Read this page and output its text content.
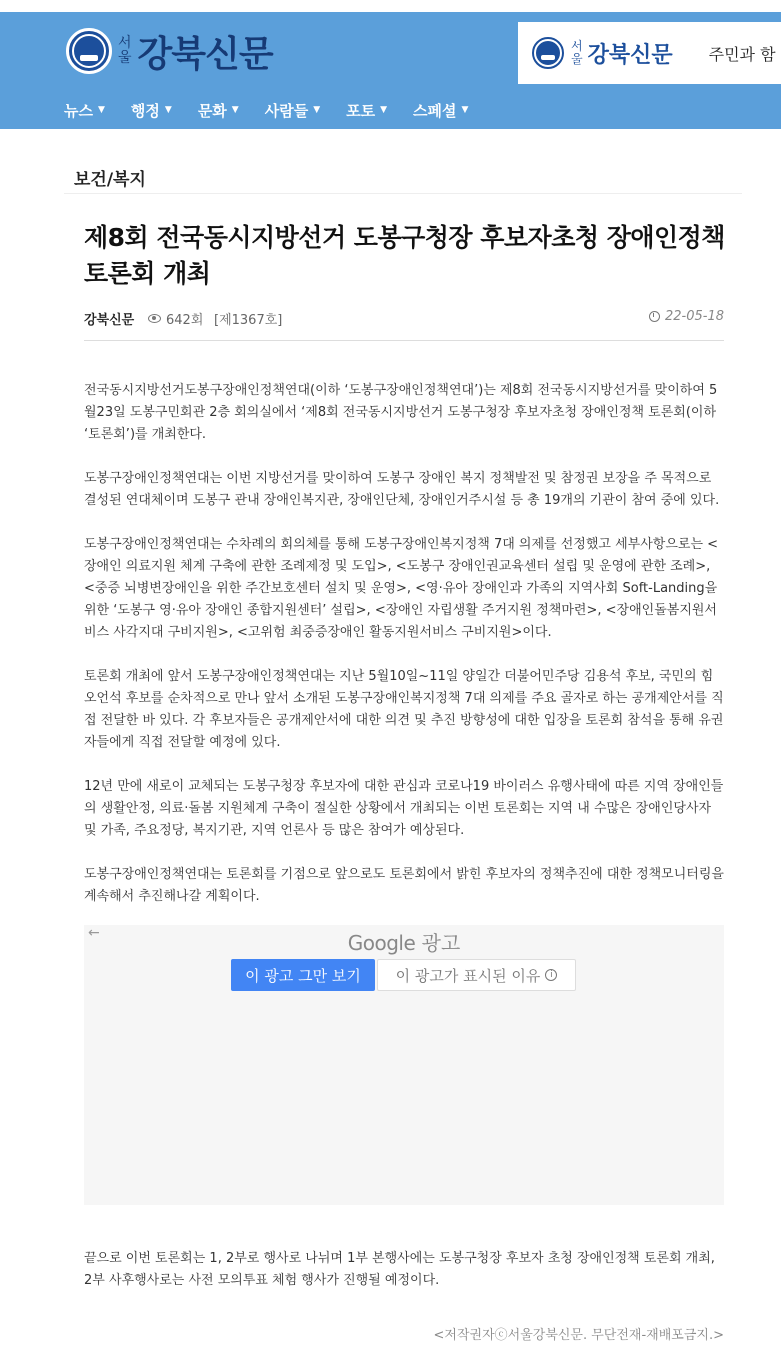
서
울 강북신문	서
울 강북신문 주민과 함
뉴스 ▼ 행정 ▼ 문화 ▼ 사람들 ▼ 포토 ▼ 스페셜 ▼
보건/복지
제8회 전국동시지방선거 도봉구청장 후보자초청 장애인정책 토론회 개최
강북신문 642회 [제1367호]	22-05-18

전국동시지방선거도봉구장애인정책연대(이하 ‘도봉구장애인정책연대’)는 제8회 전국동시지방선거를 맞이하여 5월23일 도봉구민회관 2층 회의실에서 ‘제8회 전국동시지방선거 도봉구청장 후보자초청 장애인정책 토론회(이하 ‘토론회’)를 개최한다.

도봉구장애인정책연대는 이번 지방선거를 맞이하여 도봉구 장애인 복지 정책발전 및 참정권 보장을 주 목적으로 결성된 연대체이며 도봉구 관내 장애인복지관, 장애인단체, 장애인거주시설 등 총 19개의 기관이 참여 중에 있다.

도봉구장애인정책연대는 수차례의 회의체를 통해 도봉구장애인복지정책 7대 의제를 선정했고 세부사항으로는 <장애인 의료지원 체계 구축에 관한 조례제정 및 도입>, <도봉구 장애인권교육센터 설립 및 운영에 관한 조례>, <중증 뇌병변장애인을 위한 주간보호센터 설치 및 운영>, <영·유아 장애인과 가족의 지역사회 Soft-Landing을 위한 ‘도봉구 영·유아 장애인 종합지원센터’ 설립>, <장애인 자립생활 주거지원 정책마련>, <장애인돌봄지원서비스 사각지대 구비지원>, <고위험 최중증장애인 활동지원서비스 구비지원>이다.

토론회 개최에 앞서 도봉구장애인정책연대는 지난 5월10일~11일 양일간 더불어민주당 김용석 후보, 국민의 힘 오언석 후보를 순차적으로 만나 앞서 소개된 도봉구장애인복지정책 7대 의제를 주요 골자로 하는 공개제안서를 직접 전달한 바 있다. 각 후보자들은 공개제안서에 대한 의견 및 추진 방향성에 대한 입장을 토론회 참석을 통해 유권자들에게 직접 전달할 예정에 있다.

12년 만에 새로이 교체되는 도봉구청장 후보자에 대한 관심과 코로나19 바이러스 유행사태에 따른 지역 장애인들의 생활안정, 의료·돌봄 지원체계 구축이 절실한 상황에서 개최되는 이번 토론회는 지역 내 수많은 장애인당사자 및 가족, 주요정당, 복지기관, 지역 언론사 등 많은 참여가 예상된다.

도봉구장애인정책연대는 토론회를 기점으로 앞으로도 토론회에서 밝힌 후보자의 정책추진에 대한 정책모니터링을 계속해서 추진해나갈 계획이다.

←	Google 광고
이 광고 그만 보기	이 광고가 표시된 이유	i

끝으로 이번 토론회는 1, 2부로 행사로 나뉘며 1부 본행사에는 도봉구청장 후보자 초청 장애인정책 토론회 개최, 2부 사후행사로는 사전 모의투표 체험 행사가 진행될 예정이다.

<저작권자ⓒ서울강북신문. 무단전재-재배포금지.>
